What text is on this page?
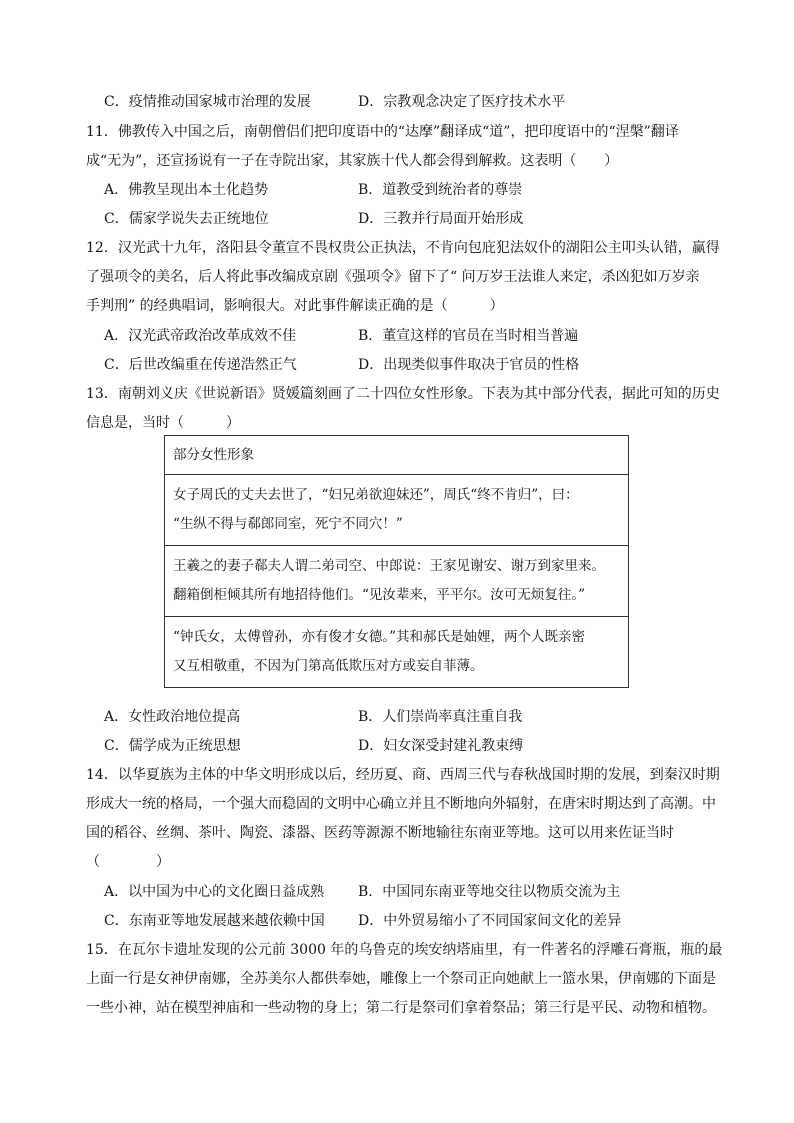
C．疫情推动国家城市治理的发展	D．宗教观念决定了医疗技术水平
11．佛教传入中国之后，南朝僧侣们把印度语中的“达摩”翻译成“道”，把印度语中的“涅槃”翻译
成“无为”，还宣扬说有一子在寺院出家，其家族十代人都会得到解救。这表明（　　）
A．佛教呈现出本土化趋势	B．道教受到统治者的尊崇
C．儒家学说失去正统地位	D．三教并行局面开始形成
12．汉光武十九年，洛阳县令董宣不畏权贵公正执法，不肯向包庇犯法奴仆的湖阳公主叩头认错，赢得
了强项令的美名，后人将此事改编成京剧《强项令》留下了“ 问万岁王法谁人来定，杀凶犯如万岁亲
手判刑” 的经典唱词，影响很大。对此事件解读正确的是（　　　）
A．汉光武帝政治改革成效不佳	B．董宣这样的官员在当时相当普遍
C．后世改编重在传递浩然正气	D．出现类似事件取决于官员的性格
13．南朝刘义庆《世说新语》贤媛篇刻画了二十四位女性形象。下表为其中部分代表，据此可知的历史
信息是，当时（　　　）
部分女性形象

女子周氏的丈夫去世了，“妇兄弟欲迎妹还”，周氏“终不肯归”，曰：
“生纵不得与郗郎同室，死宁不同穴！”

王羲之的妻子郗夫人谓二弟司空、中郎说：王家见谢安、谢万到家里来。
翻箱倒柜倾其所有地招待他们。“见汝辈来，平平尔。汝可无烦复往。”

“钟氏女，太傅曾孙，亦有俊才女德。”其和郝氏是妯娌，两个人既亲密
又互相敬重，不因为门第高低欺压对方或妄自菲薄。
A．女性政治地位提高	B．人们崇尚率真注重自我
C．儒学成为正统思想	D．妇女深受封建礼教束缚
14．以华夏族为主体的中华文明形成以后，经历夏、商、西周三代与春秋战国时期的发展，到秦汉时期
形成大一统的格局，一个强大而稳固的文明中心确立并且不断地向外辐射，在唐宋时期达到了高潮。中
国的稻谷、丝绸、茶叶、陶瓷、漆器、医药等源源不断地输往东南亚等地。这可以用来佐证当时
（　　　　）
A．以中国为中心的文化圈日益成熟 B．中国同东南亚等地交往以物质交流为主
C．东南亚等地发展越来越依赖中国 D．中外贸易缩小了不同国家间文化的差异
15．在瓦尔卡遗址发现的公元前 3000 年的乌鲁克的埃安纳塔庙里，有一件著名的浮雕石膏瓶，瓶的最
上面一行是女神伊南娜，全苏美尔人都供奉她，雕像上一个祭司正向她献上一篮水果，伊南娜的下面是
一些小神，站在模型神庙和一些动物的身上；第二行是祭司们拿着祭品；第三行是平民、动物和植物。
